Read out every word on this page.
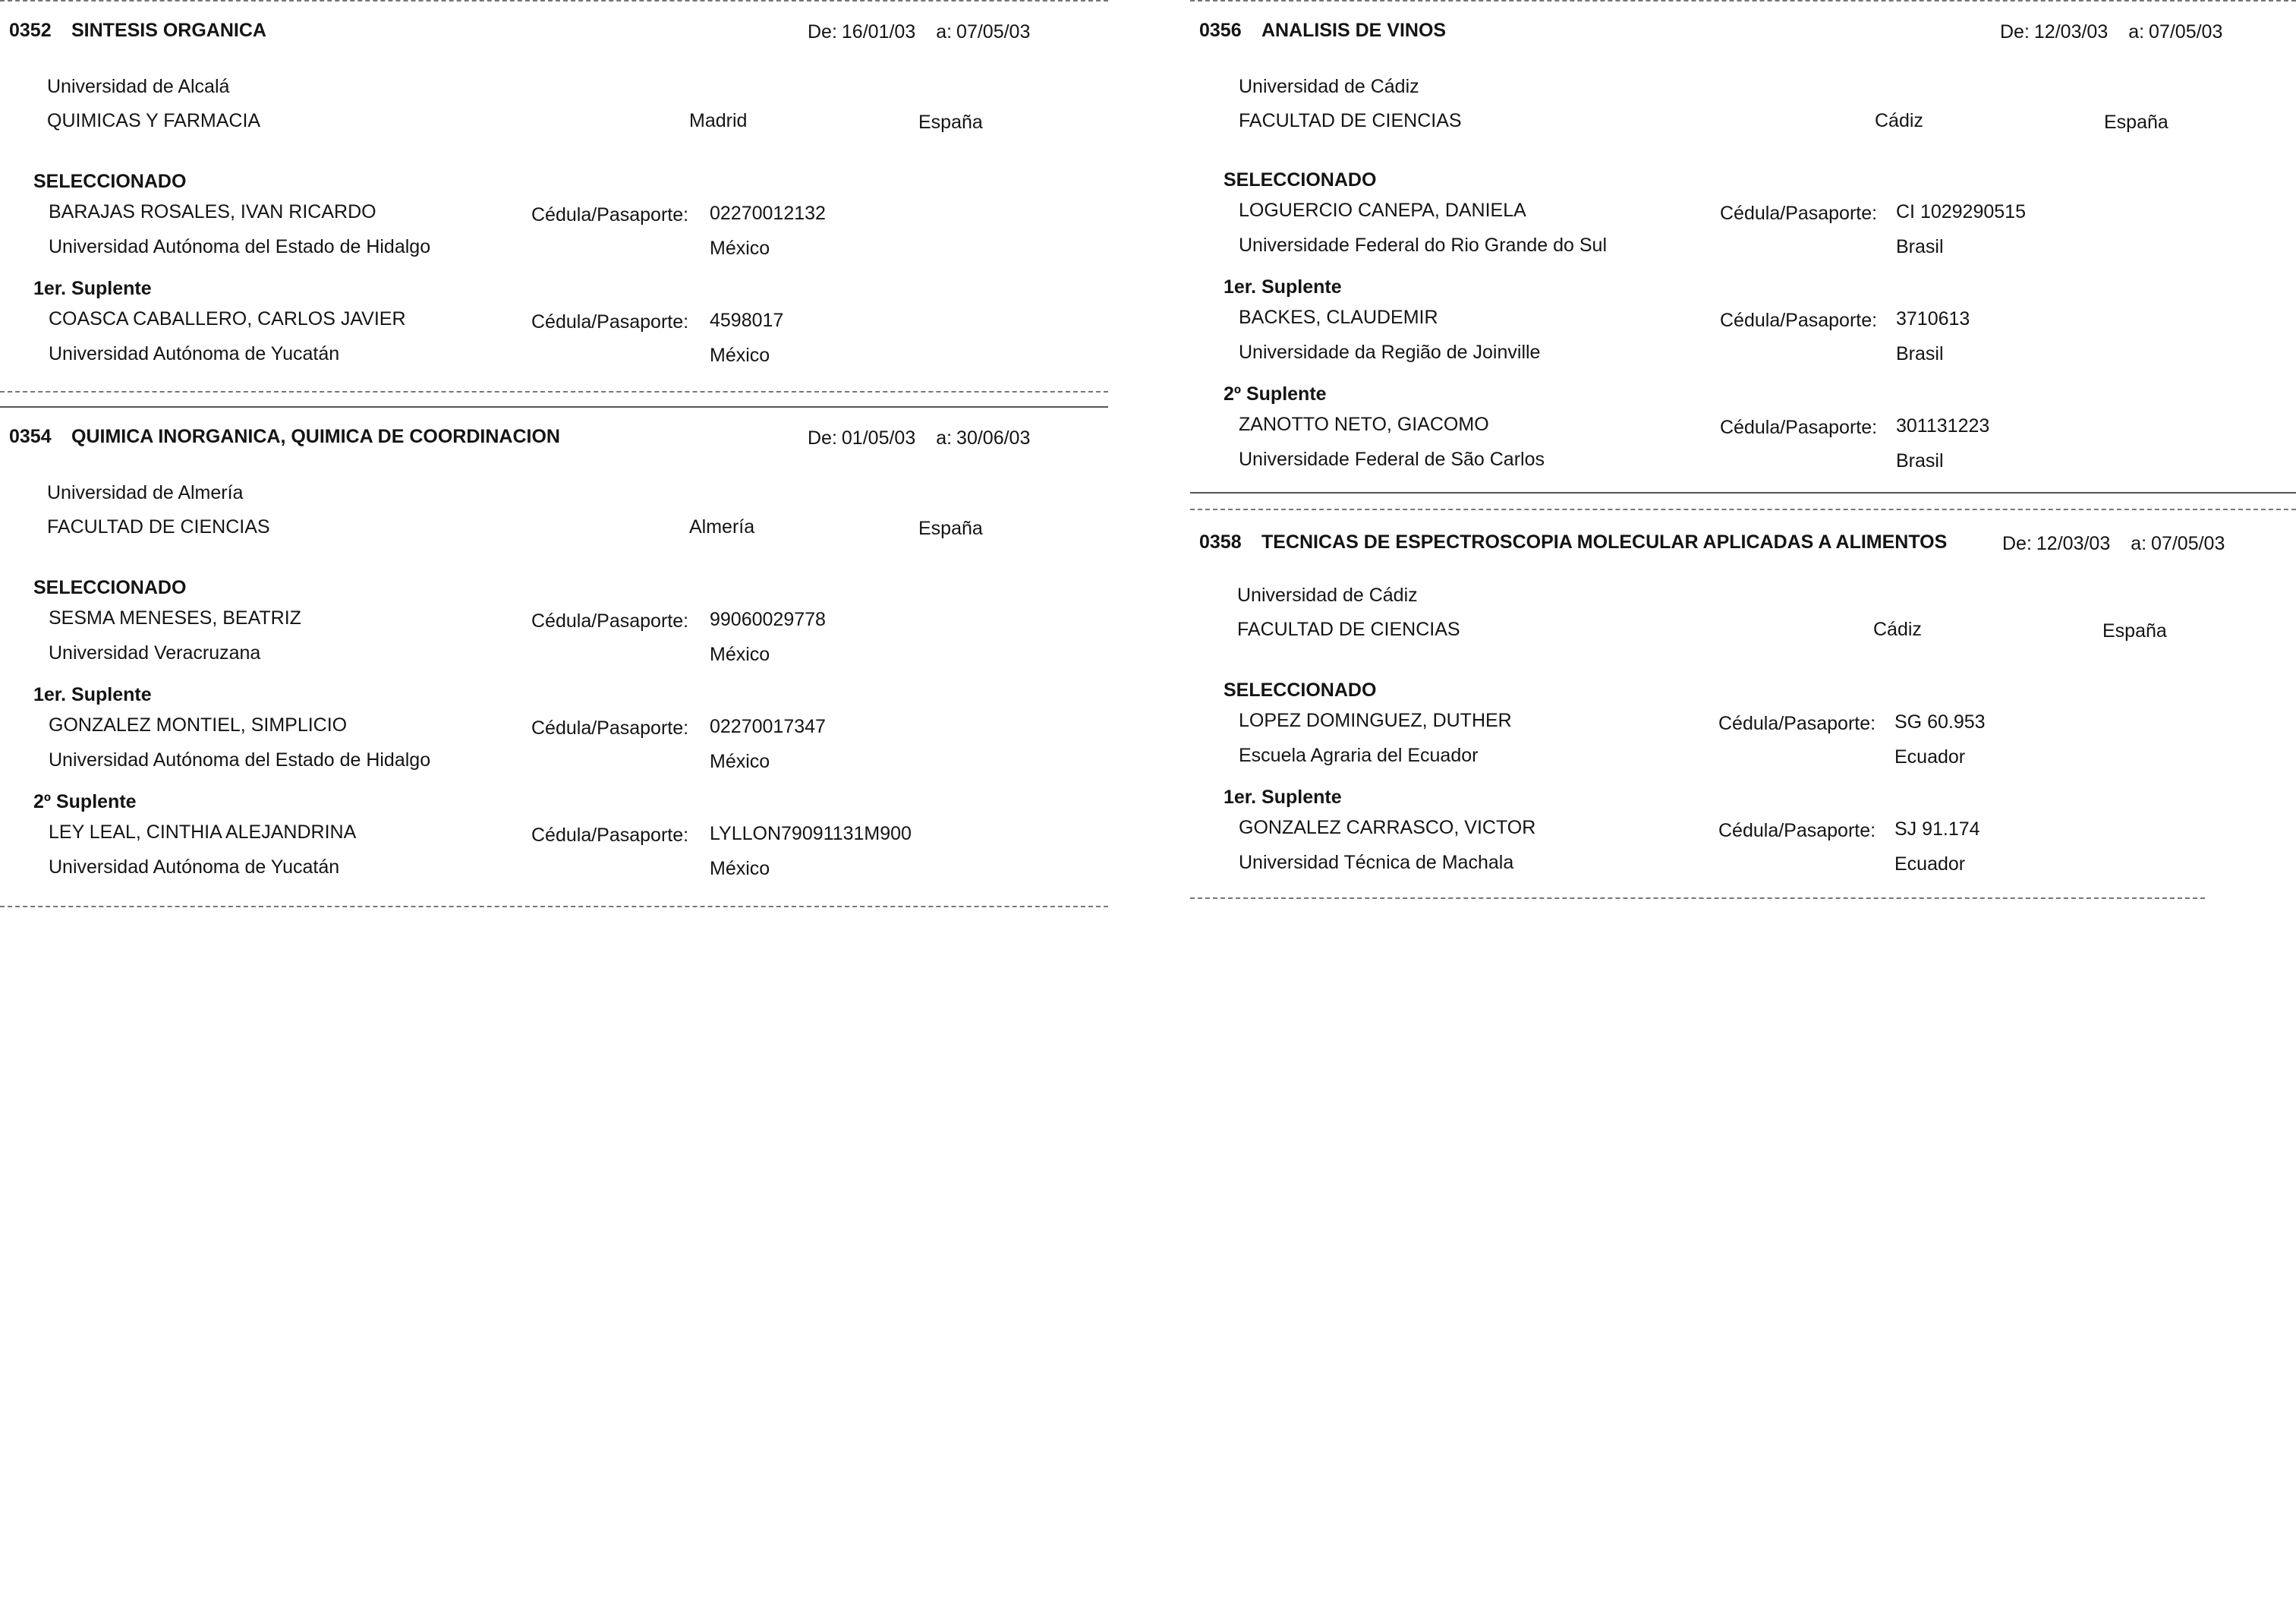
0352 SINTESIS ORGANICA	De: 16/01/03 a: 07/05/03
Universidad de Alcalá
QUIMICAS Y FARMACIA	Madrid	España
SELECCIONADO
BARAJAS ROSALES, IVAN RICARDO	Cédula/Pasaporte: 02270012132
Universidad Autónoma del Estado de Hidalgo	México
1er. Suplente
COASCA CABALLERO, CARLOS JAVIER	Cédula/Pasaporte: 4598017
Universidad Autónoma de Yucatán	México
0354 QUIMICA INORGANICA, QUIMICA DE COORDINACION	De: 01/05/03 a: 30/06/03
Universidad de Almería
FACULTAD DE CIENCIAS	Almería	España
SELECCIONADO
SESMA MENESES, BEATRIZ	Cédula/Pasaporte: 99060029778
Universidad Veracruzana	México
1er. Suplente
GONZALEZ MONTIEL, SIMPLICIO	Cédula/Pasaporte: 02270017347
Universidad Autónoma del Estado de Hidalgo	México
2º Suplente
LEY LEAL, CINTHIA ALEJANDRINA	Cédula/Pasaporte: LYLLON79091131M900
Universidad Autónoma de Yucatán	México
0356 ANALISIS DE VINOS	De: 12/03/03 a: 07/05/03
Universidad de Cádiz
FACULTAD DE CIENCIAS	Cádiz	España
SELECCIONADO
LOGUERCIO CANEPA, DANIELA	Cédula/Pasaporte: CI 1029290515
Universidade Federal do Rio Grande do Sul	Brasil
1er. Suplente
BACKES, CLAUDEMIR	Cédula/Pasaporte: 3710613
Universidade da Região de Joinville	Brasil
2º Suplente
ZANOTTO NETO, GIACOMO	Cédula/Pasaporte: 301131223
Universidade Federal de São Carlos	Brasil
0358 TECNICAS DE ESPECTROSCOPIA MOLECULAR APLICADAS A ALIMENTOS	De: 12/03/03 a: 07/05/03
Universidad de Cádiz
FACULTAD DE CIENCIAS	Cádiz	España
SELECCIONADO
LOPEZ DOMINGUEZ, DUTHER	Cédula/Pasaporte: SG 60.953
Escuela Agraria del Ecuador	Ecuador
1er. Suplente
GONZALEZ CARRASCO, VICTOR	Cédula/Pasaporte: SJ 91.174
Universidad Técnica de Machala	Ecuador
